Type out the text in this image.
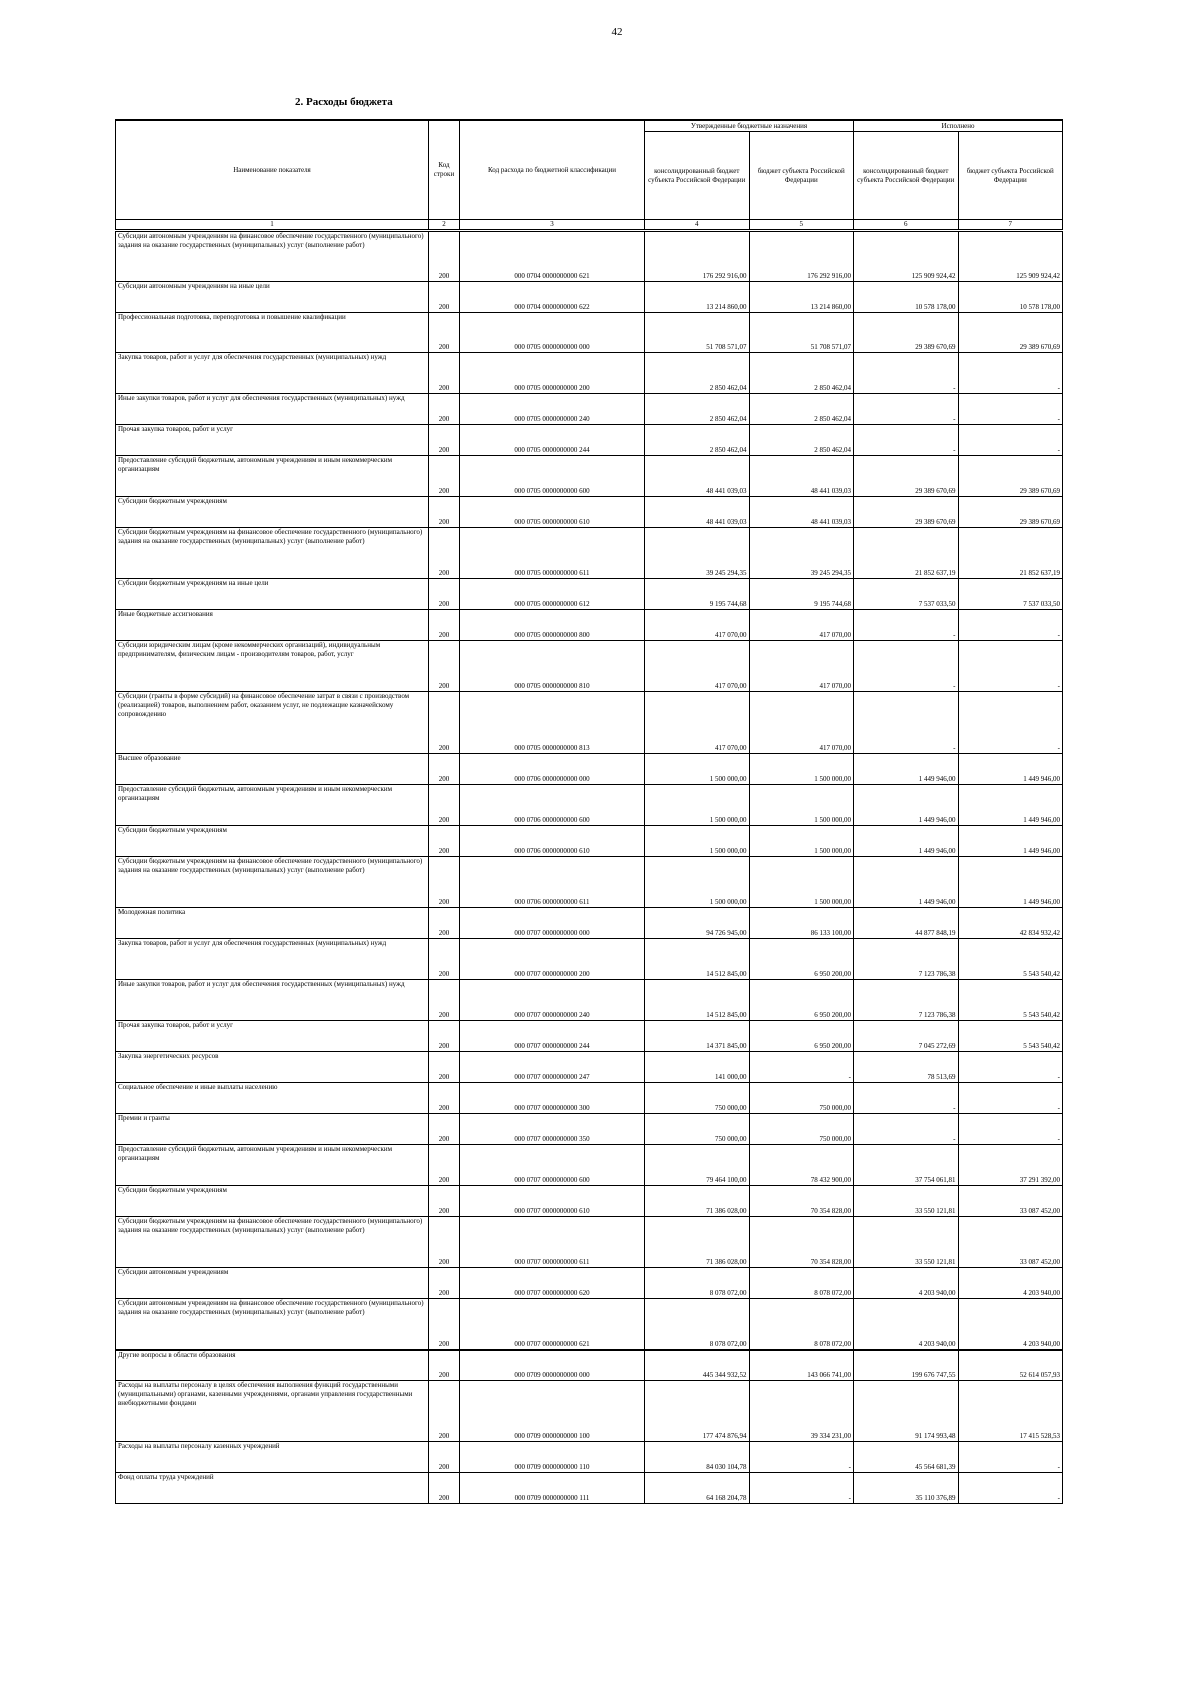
42
2. Расходы бюджета
Наименование показателя	Код строки	Код расхода по бюджетной классификации	Утвержденные бюджетные назначения		Исполнено	
			консолидированный бюджет субъекта Российской Федерации	бюджет субъекта Российской Федерации	консолидированный бюджет субъекта Российской Федерации	бюджет субъекта Российской Федерации
1	2	3	4	5	6	7
Субсидии автономным учреждениям на финансовое обеспечение государственного (муниципального) задания на оказание государственных (муниципальных) услуг (выполнение работ)	200	000 0704 0000000000 621	176 292 916,00	176 292 916,00	125 909 924,42	125 909 924,42
Субсидии автономным учреждениям на иные цели	200	000 0704 0000000000 622	13 214 860,00	13 214 860,00	10 578 178,00	10 578 178,00
Профессиональная подготовка, переподготовка и повышение квалификации	200	000 0705 0000000000 000	51 708 571,07	51 708 571,07	29 389 670,69	29 389 670,69
Закупка товаров, работ и услуг для обеспечения государственных (муниципальных) нужд	200	000 0705 0000000000 200	2 850 462,04	2 850 462,04	-	-
Иные закупки товаров, работ и услуг для обеспечения государственных (муниципальных) нужд	200	000 0705 0000000000 240	2 850 462,04	2 850 462,04	-	-
Прочая закупка товаров, работ и услуг	200	000 0705 0000000000 244	2 850 462,04	2 850 462,04	-	-
Предоставление субсидий бюджетным, автономным учреждениям и иным некоммерческим организациям	200	000 0705 0000000000 600	48 441 039,03	48 441 039,03	29 389 670,69	29 389 670,69
Субсидии бюджетным учреждениям	200	000 0705 0000000000 610	48 441 039,03	48 441 039,03	29 389 670,69	29 389 670,69
Субсидии бюджетным учреждениям на финансовое обеспечение государственного (муниципального) задания на оказание государственных (муниципальных) услуг (выполнение работ)	200	000 0705 0000000000 611	39 245 294,35	39 245 294,35	21 852 637,19	21 852 637,19
Субсидии бюджетным учреждениям на иные цели	200	000 0705 0000000000 612	9 195 744,68	9 195 744,68	7 537 033,50	7 537 033,50
Иные бюджетные ассигнования	200	000 0705 0000000000 800	417 070,00	417 070,00	-	-
Субсидии юридическим лицам (кроме некоммерческих организаций), индивидуальным предпринимателям, физическим лицам - производителям товаров, работ, услуг	200	000 0705 0000000000 810	417 070,00	417 070,00	-	-
Субсидии (гранты в форме субсидий) на финансовое обеспечение затрат в связи с производством (реализацией) товаров, выполнением работ, оказанием услуг, не подлежащие казначейскому сопровождению	200	000 0705 0000000000 813	417 070,00	417 070,00	-	-
Высшее образование	200	000 0706 0000000000 000	1 500 000,00	1 500 000,00	1 449 946,00	1 449 946,00
Предоставление субсидий бюджетным, автономным учреждениям и иным некоммерческим организациям	200	000 0706 0000000000 600	1 500 000,00	1 500 000,00	1 449 946,00	1 449 946,00
Субсидии бюджетным учреждениям	200	000 0706 0000000000 610	1 500 000,00	1 500 000,00	1 449 946,00	1 449 946,00
Субсидии бюджетным учреждениям на финансовое обеспечение государственного (муниципального) задания на оказание государственных (муниципальных) услуг (выполнение работ)	200	000 0706 0000000000 611	1 500 000,00	1 500 000,00	1 449 946,00	1 449 946,00
Молодежная политика	200	000 0707 0000000000 000	94 726 945,00	86 133 100,00	44 877 848,19	42 834 932,42
Закупка товаров, работ и услуг для обеспечения государственных (муниципальных) нужд	200	000 0707 0000000000 200	14 512 845,00	6 950 200,00	7 123 786,38	5 543 540,42
Иные закупки товаров, работ и услуг для обеспечения государственных (муниципальных) нужд	200	000 0707 0000000000 240	14 512 845,00	6 950 200,00	7 123 786,38	5 543 540,42
Прочая закупка товаров, работ и услуг	200	000 0707 0000000000 244	14 371 845,00	6 950 200,00	7 045 272,69	5 543 540,42
Закупка энергетических ресурсов	200	000 0707 0000000000 247	141 000,00	-	78 513,69	-
Социальное обеспечение и иные выплаты населению	200	000 0707 0000000000 300	750 000,00	750 000,00	-	-
Премии и гранты	200	000 0707 0000000000 350	750 000,00	750 000,00	-	-
Предоставление субсидий бюджетным, автономным учреждениям и иным некоммерческим организациям	200	000 0707 0000000000 600	79 464 100,00	78 432 900,00	37 754 061,81	37 291 392,00
Субсидии бюджетным учреждениям	200	000 0707 0000000000 610	71 386 028,00	70 354 828,00	33 550 121,81	33 087 452,00
Субсидии бюджетным учреждениям на финансовое обеспечение государственного (муниципального) задания на оказание государственных (муниципальных) услуг (выполнение работ)	200	000 0707 0000000000 611	71 386 028,00	70 354 828,00	33 550 121,81	33 087 452,00
Субсидии автономным учреждениям	200	000 0707 0000000000 620	8 078 072,00	8 078 072,00	4 203 940,00	4 203 940,00
Субсидии автономным учреждениям на финансовое обеспечение государственного (муниципального) задания на оказание государственных (муниципальных) услуг (выполнение работ)	200	000 0707 0000000000 621	8 078 072,00	8 078 072,00	4 203 940,00	4 203 940,00
Другие вопросы в области образования	200	000 0709 0000000000 000	445 344 932,52	143 066 741,00	199 676 747,55	52 614 057,93
Расходы на выплаты персоналу в целях обеспечения выполнения функций государственными (муниципальными) органами, казенными учреждениями, органами управления государственными внебюджетными фондами	200	000 0709 0000000000 100	177 474 876,94	39 334 231,00	91 174 993,48	17 415 528,53
Расходы на выплаты персоналу казенных учреждений	200	000 0709 0000000000 110	84 030 104,78	-	45 564 681,39	-
Фонд оплаты труда учреждений	200	000 0709 0000000000 111	64 168 204,78	-	35 110 376,89	-
